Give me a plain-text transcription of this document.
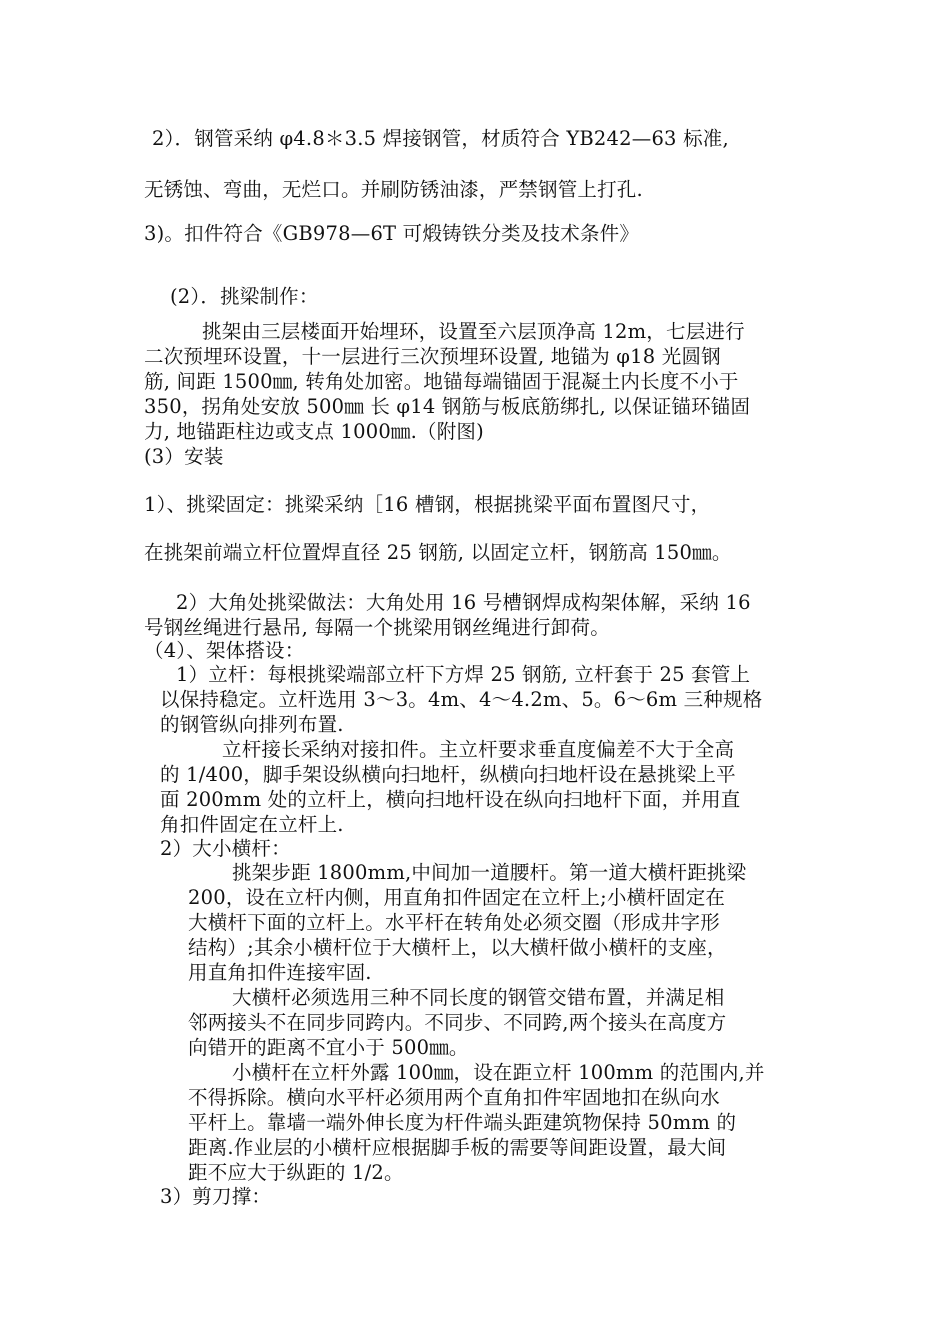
2）．钢管采纳 φ4.8＊3.5 焊接钢管，材质符合 YB242—63 标准,

无锈蚀、弯曲，无烂口。并刷防锈油漆，严禁钢管上打孔.

3)。扣件符合《GB978—6T 可煅铸铁分类及技术条件》

(2）．挑梁制作：

挑架由三层楼面开始埋环，设置至六层顶净高 12m，七层进行

二次预埋环设置，十一层进行三次预埋环设置, 地锚为 φ18 光圆钢

筋, 间距 1500㎜, 转角处加密。地锚每端锚固于混凝土内长度不小于

350，拐角处安放 500㎜ 长 φ14 钢筋与板底筋绑扎, 以保证锚环锚固

力, 地锚距柱边或支点 1000㎜.（附图)

(3）安装

1）、挑梁固定：挑梁采纳［16 槽钢，根据挑梁平面布置图尺寸，

在挑架前端立杆位置焊直径 25 钢筋, 以固定立杆，钢筋高 150㎜。

2）大角处挑梁做法：大角处用 16 号槽钢焊成构架体解，采纳 16

号钢丝绳进行悬吊, 每隔一个挑梁用钢丝绳进行卸荷。

（4）、架体搭设：

1）立杆：每根挑梁端部立杆下方焊 25 钢筋, 立杆套于 25 套管上

以保持稳定。立杆选用 3～3。4m、4～4.2m、5。6～6m 三种规格

的钢管纵向排列布置.

立杆接长采纳对接扣件。主立杆要求垂直度偏差不大于全高

的 1/400，脚手架设纵横向扫地杆，纵横向扫地杆设在悬挑梁上平

面 200mm 处的立杆上，横向扫地杆设在纵向扫地杆下面，并用直

角扣件固定在立杆上.

2）大小横杆：

挑架步距 1800mm,中间加一道腰杆。第一道大横杆距挑梁

200，设在立杆内侧，用直角扣件固定在立杆上;小横杆固定在

大横杆下面的立杆上。水平杆在转角处必须交圈（形成井字形

结构）;其余小横杆位于大横杆上，以大横杆做小横杆的支座，

用直角扣件连接牢固.

大横杆必须选用三种不同长度的钢管交错布置，并满足相

邻两接头不在同步同跨内。不同步、不同跨,两个接头在高度方

向错开的距离不宜小于 500㎜。

小横杆在立杆外露 100㎜，设在距立杆 100mm 的范围内,并

不得拆除。横向水平杆必须用两个直角扣件牢固地扣在纵向水

平杆上。靠墙一端外伸长度为杆件端头距建筑物保持 50mm 的

距离.作业层的小横杆应根据脚手板的需要等间距设置，最大间

距不应大于纵距的 1/2。

3）剪刀撑：
